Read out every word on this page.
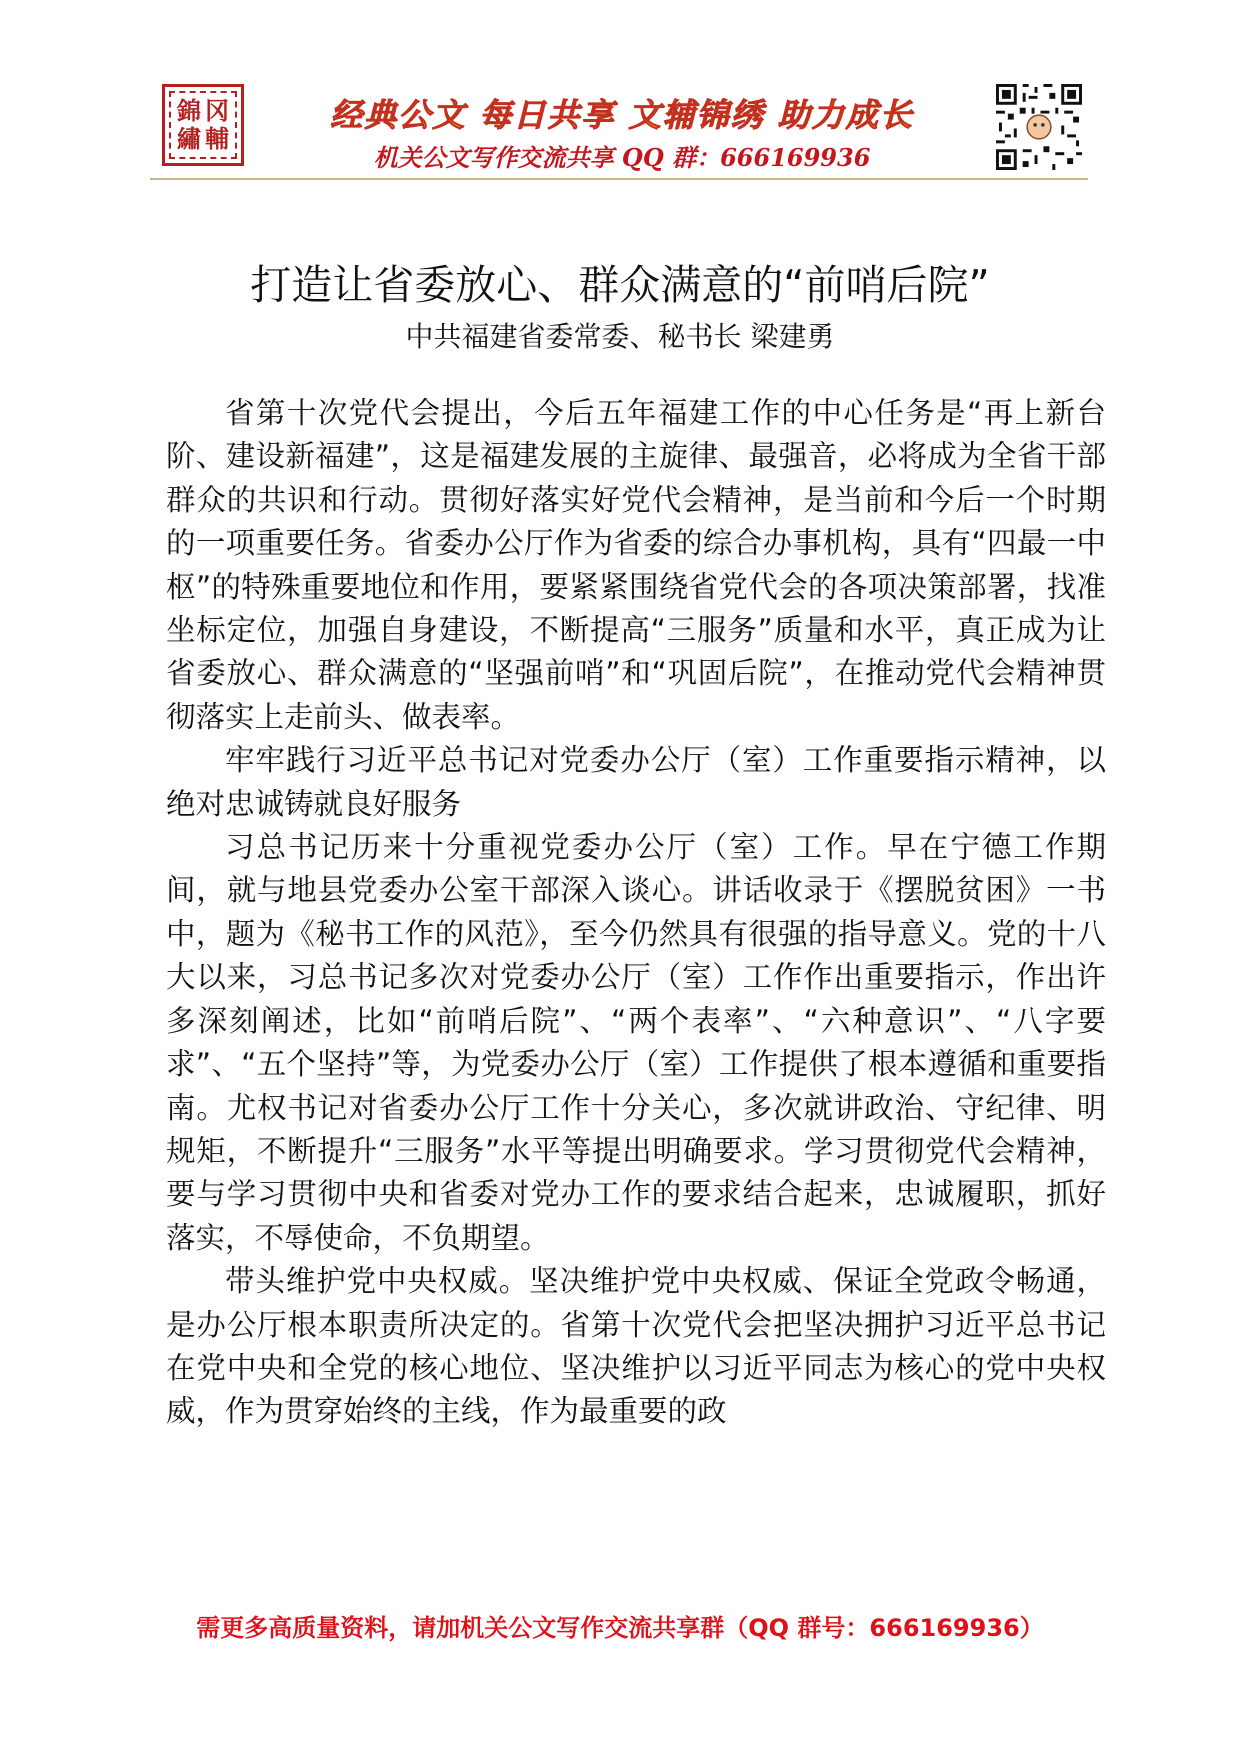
錦 冈
繡 輔
经典公文 每日共享 文辅锦绣 助力成长
机关公文写作交流共享 QQ 群：666169936
打造让省委放心、群众满意的“前哨后院”
中共福建省委常委、秘书长 梁建勇

省第十次党代会提出，今后五年福建工作的中心任务是“再上新台阶、建设新福建”，这是福建发展的主旋律、最强音，必将成为全省干部群众的共识和行动。贯彻好落实好党代会精神，是当前和今后一个时期的一项重要任务。省委办公厅作为省委的综合办事机构，具有“四最一中枢”的特殊重要地位和作用，要紧紧围绕省党代会的各项决策部署，找准坐标定位，加强自身建设，不断提高“三服务”质量和水平，真正成为让省委放心、群众满意的“坚强前哨”和“巩固后院”，在推动党代会精神贯彻落实上走前头、做表率。

牢牢践行习近平总书记对党委办公厅（室）工作重要指示精神，以绝对忠诚铸就良好服务

习总书记历来十分重视党委办公厅（室）工作。早在宁德工作期间，就与地县党委办公室干部深入谈心。讲话收录于《摆脱贫困》一书中，题为《秘书工作的风范》，至今仍然具有很强的指导意义。党的十八大以来，习总书记多次对党委办公厅（室）工作作出重要指示，作出许多深刻阐述，比如“前哨后院”、“两个表率”、“六种意识”、“八字要求”、“五个坚持”等，为党委办公厅（室）工作提供了根本遵循和重要指南。尤权书记对省委办公厅工作十分关心，多次就讲政治、守纪律、明规矩，不断提升“三服务”水平等提出明确要求。学习贯彻党代会精神，要与学习贯彻中央和省委对党办工作的要求结合起来，忠诚履职，抓好落实，不辱使命，不负期望。

带头维护党中央权威。坚决维护党中央权威、保证全党政令畅通，是办公厅根本职责所决定的。省第十次党代会把坚决拥护习近平总书记在党中央和全党的核心地位、坚决维护以习近平同志为核心的党中央权威，作为贯穿始终的主线，作为最重要的政

需更多高质量资料，请加机关公文写作交流共享群（QQ 群号：666169936）
